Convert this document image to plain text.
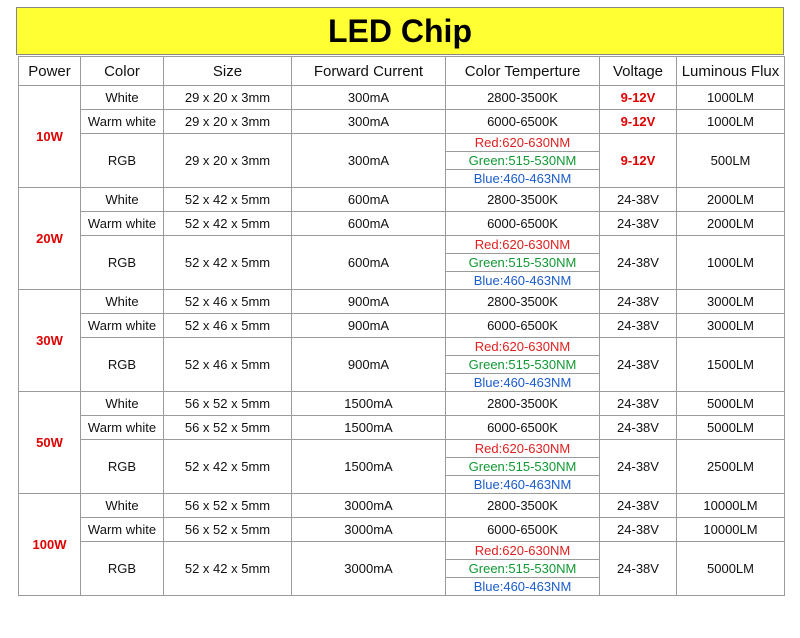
LED Chip
Power	Color	Size	Forward Current	Color Temperture	Voltage	Luminous Flux
10W	White	29 x 20 x 3mm	300mA	2800-3500K	9-12V	1000LM
	Warm white	29 x 20 x 3mm	300mA	6000-6500K	9-12V	1000LM
	RGB	29 x 20 x 3mm	300mA	Red:620-630NM	9-12V	500LM
				Green:515-530NM		
				Blue:460-463NM		
20W	White	52 x 42 x 5mm	600mA	2800-3500K	24-38V	2000LM
	Warm white	52 x 42 x 5mm	600mA	6000-6500K	24-38V	2000LM
	RGB	52 x 42 x 5mm	600mA	Red:620-630NM	24-38V	1000LM
				Green:515-530NM		
				Blue:460-463NM		
30W	White	52 x 46 x 5mm	900mA	2800-3500K	24-38V	3000LM
	Warm white	52 x 46 x 5mm	900mA	6000-6500K	24-38V	3000LM
	RGB	52 x 46 x 5mm	900mA	Red:620-630NM	24-38V	1500LM
				Green:515-530NM		
				Blue:460-463NM		
50W	White	56 x 52 x 5mm	1500mA	2800-3500K	24-38V	5000LM
	Warm white	56 x 52 x 5mm	1500mA	6000-6500K	24-38V	5000LM
	RGB	52 x 42 x 5mm	1500mA	Red:620-630NM	24-38V	2500LM
				Green:515-530NM		
				Blue:460-463NM		
100W	White	56 x 52 x 5mm	3000mA	2800-3500K	24-38V	10000LM
	Warm white	56 x 52 x 5mm	3000mA	6000-6500K	24-38V	10000LM
	RGB	52 x 42 x 5mm	3000mA	Red:620-630NM	24-38V	5000LM
				Green:515-530NM		
				Blue:460-463NM		
